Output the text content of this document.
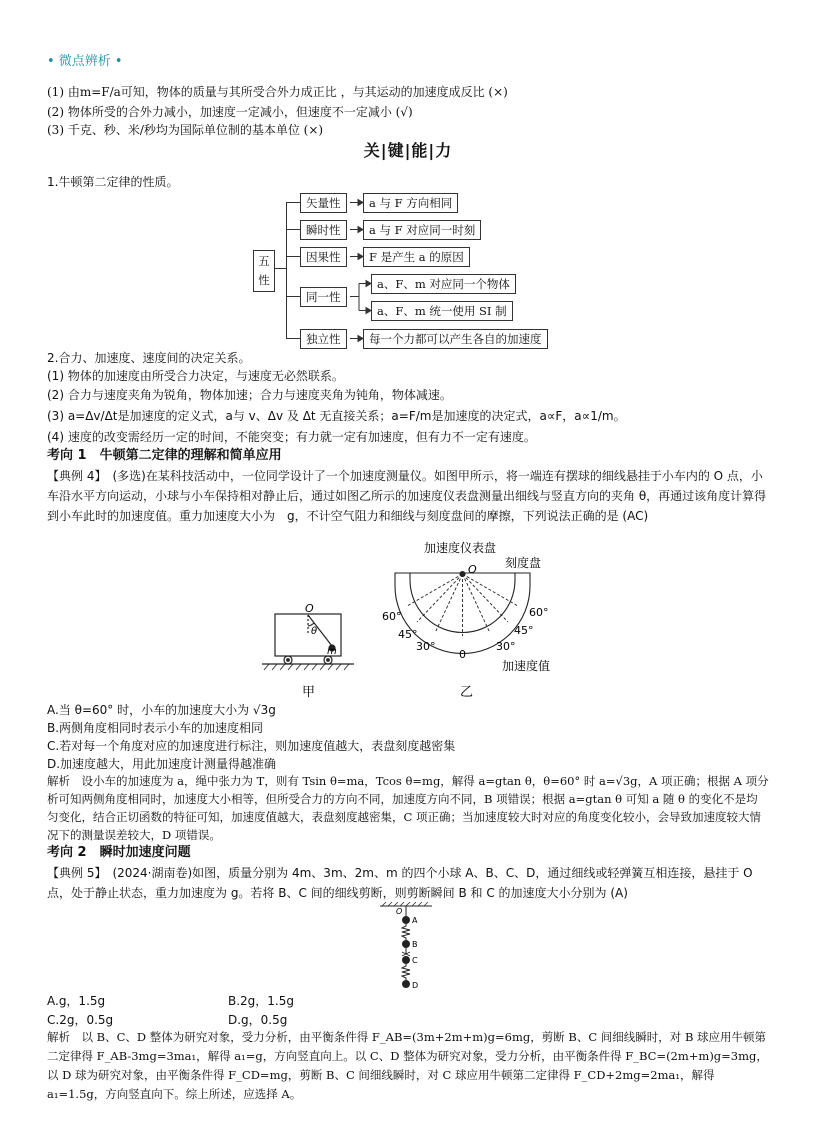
• 微点辨析 •
(1) 由m=F/a可知，物体的质量与其所受合外力成正比 ，与其运动的加速度成反比 (×)
(2) 物体所受的合外力减小，加速度一定减小，但速度不一定减小 (√)
(3) 千克、秒、米/秒均为国际单位制的基本单位 (×)
关|键|能|力
1.牛顿第二定律的性质。
五性
矢量性
瞬时性
因果性
同一性
独立性
a 与 F 方向相同
a 与 F 对应同一时刻
F 是产生 a 的原因
a、F、m 对应同一个物体
a、F、m 统一使用 SI 制
每一个力都可以产生各自的加速度
2.合力、加速度、速度间的决定关系。
(1) 物体的加速度由所受合力决定，与速度无必然联系。
(2) 合力与速度夹角为锐角，物体加速；合力与速度夹角为钝角，物体减速。
(3) a=Δv/Δt是加速度的定义式，a与 v、Δv 及 Δt 无直接关系；a=F/m是加速度的决定式，a∝F，a∝1/m。
(4) 速度的改变需经历一定的时间，不能突变；有力就一定有加速度，但有力不一定有速度。
考向 1　牛顿第二定律的理解和简单应用
【典例 4】　(多选)在某科技活动中，一位同学设计了一个加速度测量仪。如图甲所示，将一端连有摆球的细线悬挂于小车内的 O 点，小车沿水平方向运动，小球与小车保持相对静止后，通过如图乙所示的加速度仪表盘测量出细线与竖直方向的夹角 θ，再通过该角度计算得到小车此时的加速度值。重力加速度大小为　g，不计空气阻力和细线与刻度盘间的摩擦，下列说法正确的是 (AC)
O
θ
m
甲
加速度仪表盘
O 刻度盘
60°
45°
30°
0
30°
45°
60°
加速度值
乙
A.当 θ=60° 时，小车的加速度大小为 √3g
B.两侧角度相同时表示小车的加速度相同
C.若对每一个角度对应的加速度进行标注，则加速度值越大，表盘刻度越密集
D.加速度越大，用此加速度计测量得越准确
解析　设小车的加速度为 a，绳中张力为 T，则有 Tsin θ=ma，Tcos θ=mg，解得 a=gtan θ，θ=60° 时 a=√3g，A 项正确；根据 A 项分析可知两侧角度相同时，加速度大小相等，但所受合力的方向不同，加速度方向不同，B 项错误；根据 a=gtan θ 可知 a 随 θ 的变化不是均匀变化，结合正切函数的特征可知，加速度值越大，表盘刻度越密集，C 项正确；当加速度较大时对应的角度变化较小，会导致加速度较大情况下的测量误差较大，D 项错误。
考向 2　瞬时加速度问题
【典例 5】　(2024·湖南卷)如图，质量分别为 4m、3m、2m、m 的四个小球 A、B、C、D，通过细线或轻弹簧互相连接，悬挂于 O 点，处于静止状态，重力加速度为 g。若将 B、C 间的细线剪断，则剪断瞬间 B 和 C 的加速度大小分别为 (A)
O
A
B
C
D
A.g，1.5g	B.2g，1.5g
C.2g，0.5g	D.g，0.5g
解析　以 B、C、D 整体为研究对象，受力分析，由平衡条件得 F_AB=(3m+2m+m)g=6mg，剪断 B、C 间细线瞬时，对 B 球应用牛顿第二定律得 F_AB-3mg=3ma₁，解得 a₁=g，方向竖直向上。以 C、D 整体为研究对象，受力分析，由平衡条件得 F_BC=(2m+m)g=3mg，以 D 球为研究对象，由平衡条件得 F_CD=mg，剪断 B、C 间细线瞬时，对 C 球应用牛顿第二定律得 F_CD+2mg=2ma₁，解得 a₁=1.5g，方向竖直向下。综上所述，应选择 A。
